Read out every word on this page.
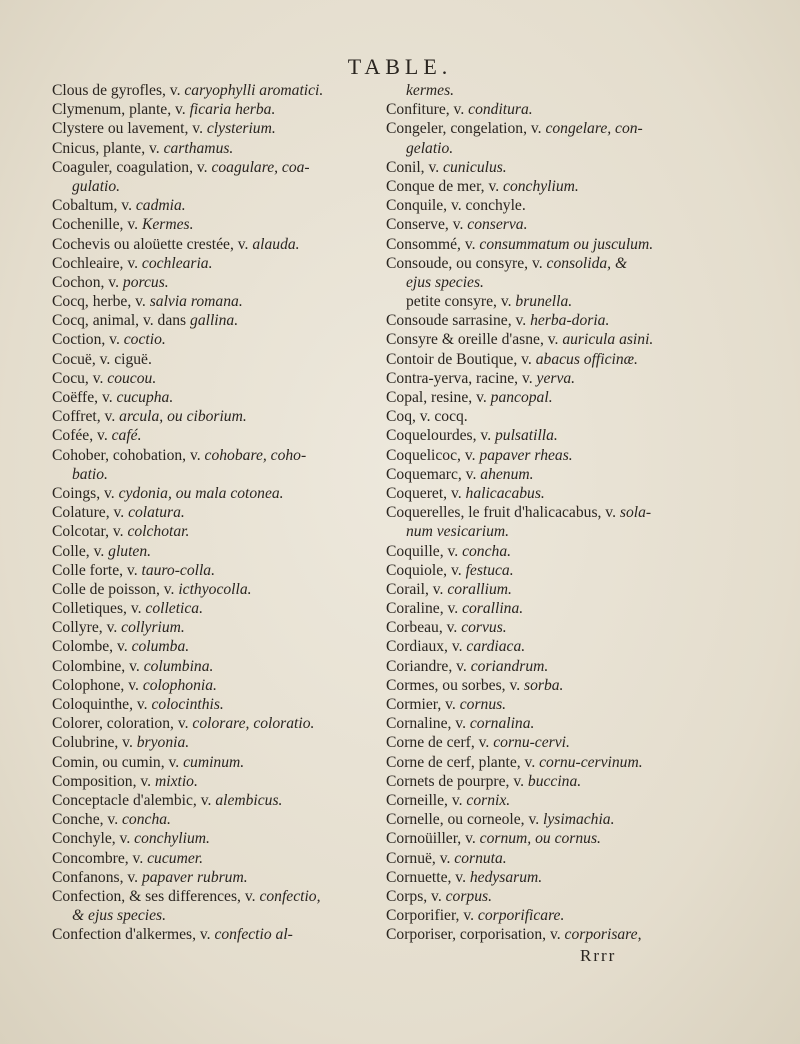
TABLE.
Clous de gyrofles, v. caryophylli aromatici.
Clymenum, plante, v. ficaria herba.
Clystere ou lavement, v. clysterium.
Cnicus, plante, v. carthamus.
Coaguler, coagulation, v. coagulare, coa-
gulatio.
Cobaltum, v. cadmia.
Cochenille, v. Kermes.
Cochevis ou aloüette crestée, v. alauda.
Cochleaire, v. cochlearia.
Cochon, v. porcus.
Cocq, herbe, v. salvia romana.
Cocq, animal, v. dans gallina.
Coction, v. coctio.
Cocuë, v. ciguë.
Cocu, v. coucou.
Coëffe, v. cucupha.
Coffret, v. arcula, ou ciborium.
Cofée, v. café.
Cohober, cohobation, v. cohobare, coho-
batio.
Coings, v. cydonia, ou mala cotonea.
Colature, v. colatura.
Colcotar, v. colchotar.
Colle, v. gluten.
Colle forte, v. tauro-colla.
Colle de poisson, v. icthyocolla.
Colletiques, v. colletica.
Collyre, v. collyrium.
Colombe, v. columba.
Colombine, v. columbina.
Colophone, v. colophonia.
Coloquinthe, v. colocinthis.
Colorer, coloration, v. colorare, coloratio.
Colubrine, v. bryonia.
Comin, ou cumin, v. cuminum.
Composition, v. mixtio.
Conceptacle d'alembic, v. alembicus.
Conche, v. concha.
Conchyle, v. conchylium.
Concombre, v. cucumer.
Confanons, v. papaver rubrum.
Confection, & ses differences, v. confectio,
& ejus species.
Confection d'alkermes, v. confectio al-
kermes.
Confiture, v. conditura.
Congeler, congelation, v. congelare, con-
gelatio.
Conil, v. cuniculus.
Conque de mer, v. conchylium.
Conquile, v. conchyle.
Conserve, v. conserva.
Consommé, v. consummatum ou jusculum.
Consoude, ou consyre, v. consolida, &
ejus species.
petite consyre, v. brunella.
Consoude sarrasine, v. herba-doria.
Consyre & oreille d'asne, v. auricula asini.
Contoir de Boutique, v. abacus officinæ.
Contra-yerva, racine, v. yerva.
Copal, resine, v. pancopal.
Coq, v. cocq.
Coquelourdes, v. pulsatilla.
Coquelicoc, v. papaver rheas.
Coquemarc, v. ahenum.
Coqueret, v. halicacabus.
Coquerelles, le fruit d'halicacabus, v. sola-
num vesicarium.
Coquille, v. concha.
Coquiole, v. festuca.
Corail, v. corallium.
Coraline, v. corallina.
Corbeau, v. corvus.
Cordiaux, v. cardiaca.
Coriandre, v. coriandrum.
Cormes, ou sorbes, v. sorba.
Cormier, v. cornus.
Cornaline, v. cornalina.
Corne de cerf, v. cornu-cervi.
Corne de cerf, plante, v. cornu-cervinum.
Cornets de pourpre, v. buccina.
Corneille, v. cornix.
Cornelle, ou corneole, v. lysimachia.
Cornoüiller, v. cornum, ou cornus.
Cornuë, v. cornuta.
Cornuette, v. hedysarum.
Corps, v. corpus.
Corporifier, v. corporificare.
Corporiser, corporisation, v. corporisare,
Rrrr
